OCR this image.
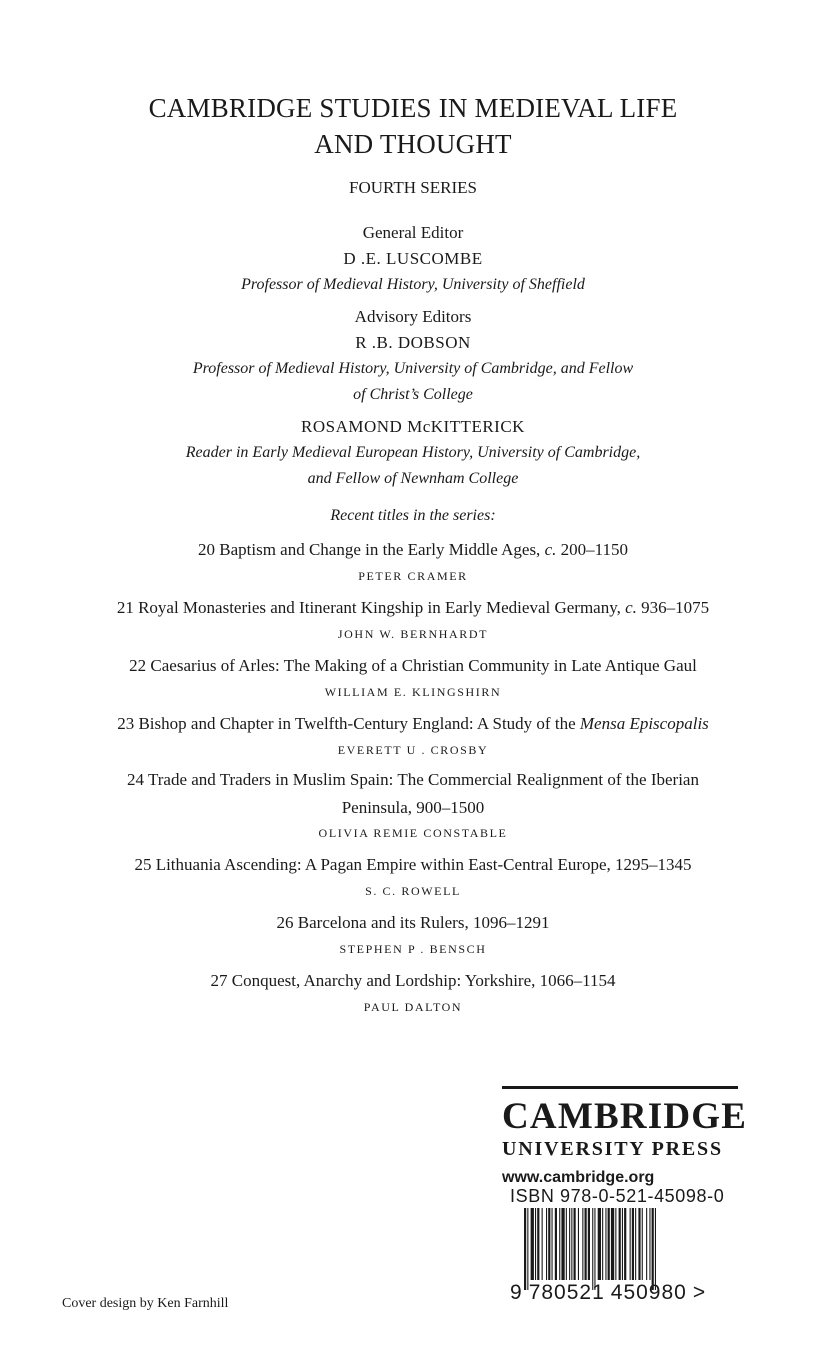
CAMBRIDGE STUDIES IN MEDIEVAL LIFE
AND THOUGHT
FOURTH SERIES
General Editor
D .E. LUSCOMBE
Professor of Medieval History, University of Sheffield
Advisory Editors
R .B. DOBSON
Professor of Medieval History, University of Cambridge, and Fellow
of Christ’s College
ROSAMOND McKITTERICK
Reader in Early Medieval European History, University of Cambridge,
and Fellow of Newnham College
Recent titles in the series:
20 Baptism and Change in the Early Middle Ages, c. 200–1150
PETER CRAMER
21 Royal Monasteries and Itinerant Kingship in Early Medieval Germany, c. 936–1075
JOHN W. BERNHARDT
22 Caesarius of Arles: The Making of a Christian Community in Late Antique Gaul
WILLIAM E. KLINGSHIRN
23 Bishop and Chapter in Twelfth-Century England: A Study of the Mensa Episcopalis
EVERETT U . CROSBY
24 Trade and Traders in Muslim Spain: The Commercial Realignment of the Iberian
Peninsula, 900–1500
OLIVIA REMIE CONSTABLE
25 Lithuania Ascending: A Pagan Empire within East-Central Europe, 1295–1345
S. C. ROWELL
26 Barcelona and its Rulers, 1096–1291
STEPHEN P . BENSCH
27 Conquest, Anarchy and Lordship: Yorkshire, 1066–1154
PAUL DALTON
CAMBRIDGE
UNIVERSITY PRESS
www.cambridge.org
ISBN 978-0-521-45098-0
9 780521 450980 >
Cover design by Ken Farnhill
